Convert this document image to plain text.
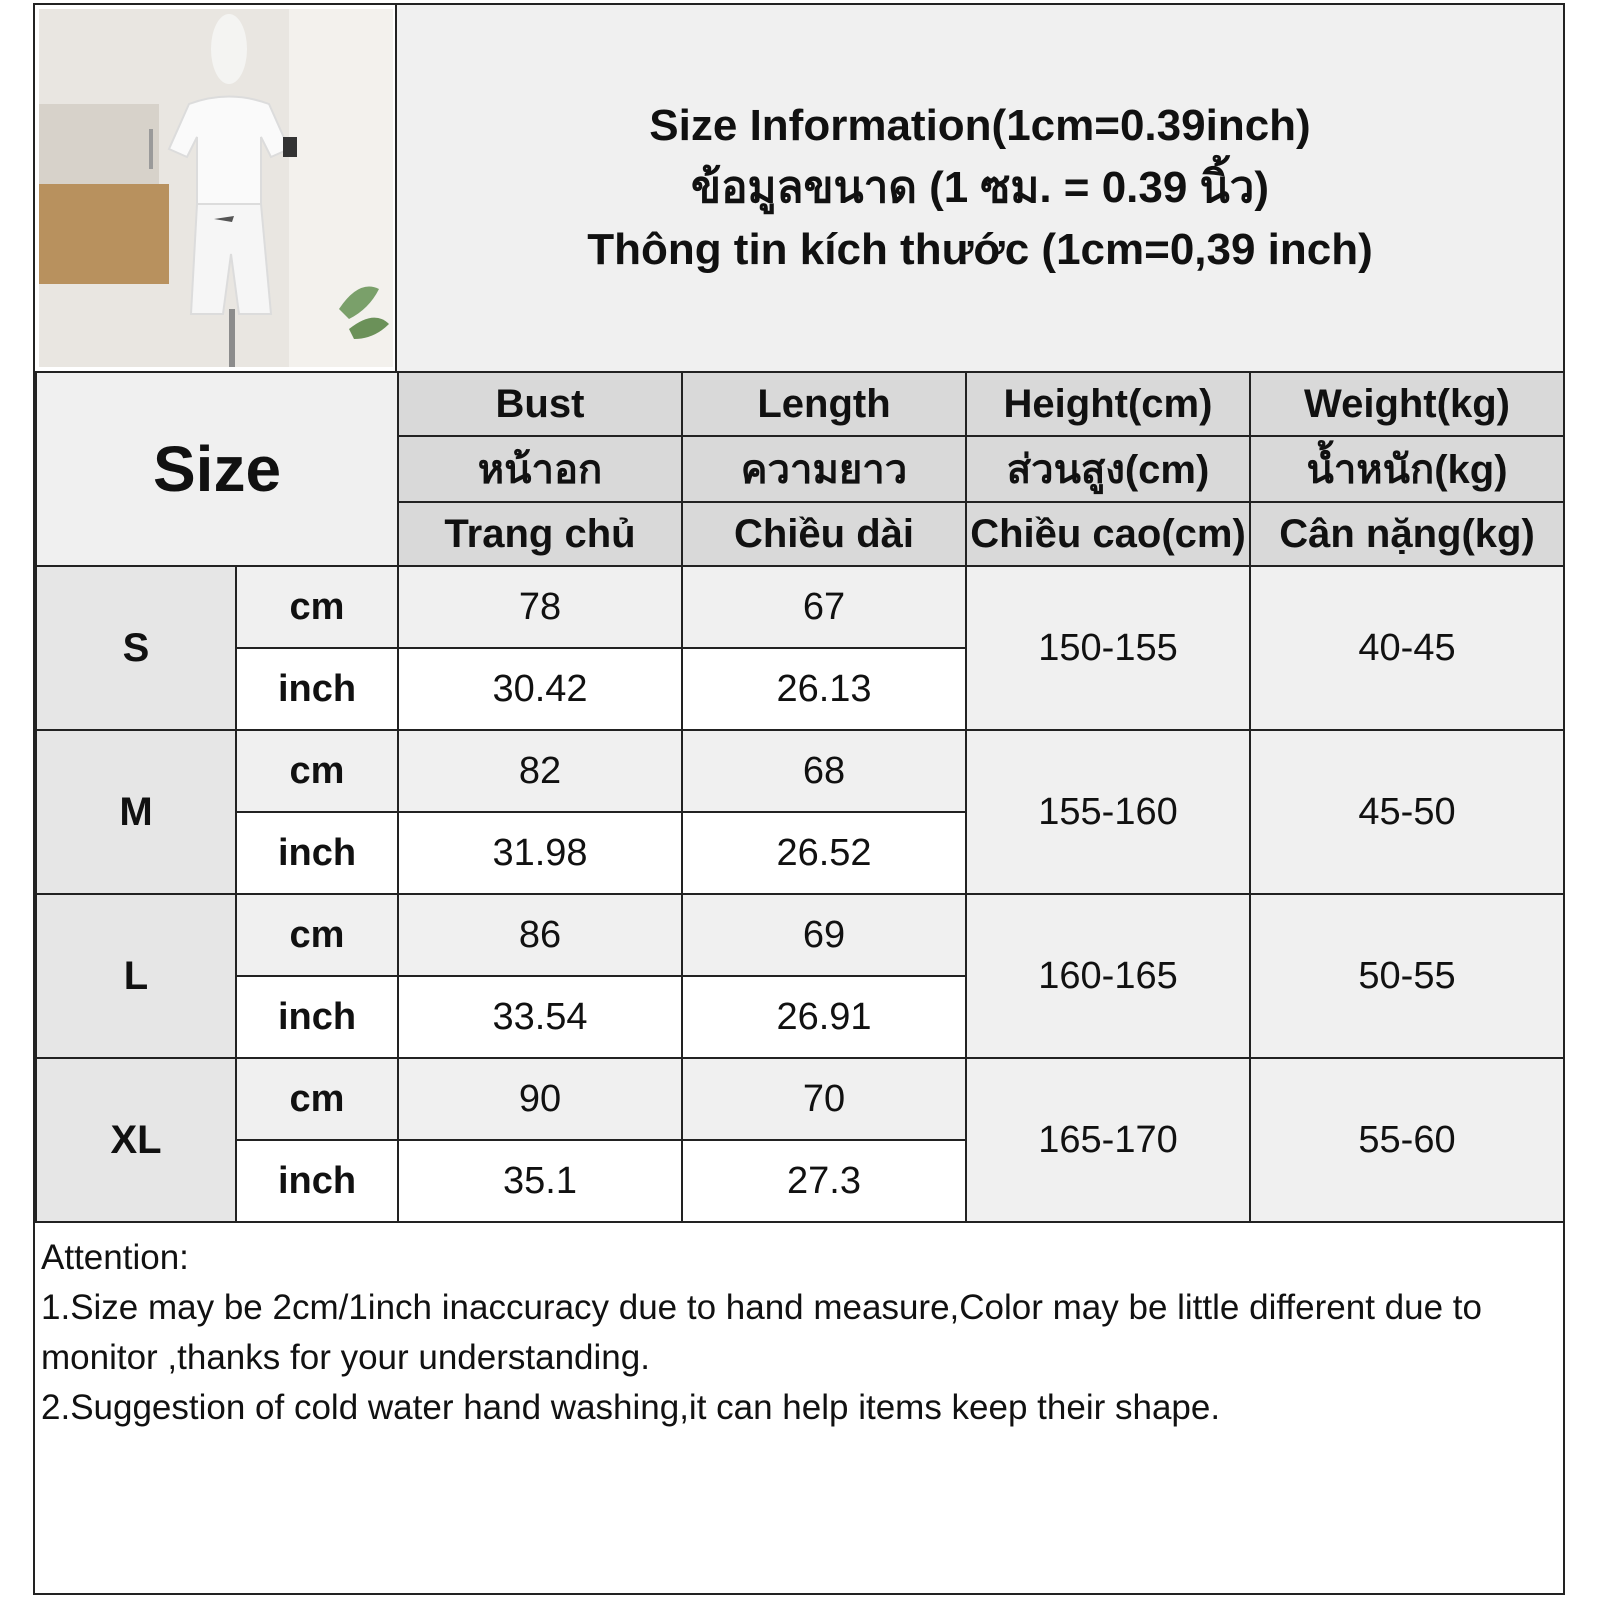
Size Information(1cm=0.39inch)
ข้อมูลขนาด (1 ซม. = 0.39 นิ้ว)
Thông tin kích thước (1cm=0,39 inch)
Size		Bust	Length	Height(cm)	Weight(kg)
		หน้าอก	ความยาว	ส่วนสูง(cm)	น้ำหนัก(kg)
		Trang chủ	Chiều dài	Chiều cao(cm)	Cân nặng(kg)
S	cm	78	67	150-155	40-45
	inch	30.42	26.13		
M	cm	82	68	155-160	45-50
	inch	31.98	26.52		
L	cm	86	69	160-165	50-55
	inch	33.54	26.91		
XL	cm	90	70	165-170	55-60
	inch	35.1	27.3		

Attention:

1.Size may be 2cm/1inch inaccuracy due to hand measure,Color may be little different due to monitor ,thanks for your understanding.

2.Suggestion of cold water hand washing,it can help items keep their shape.
